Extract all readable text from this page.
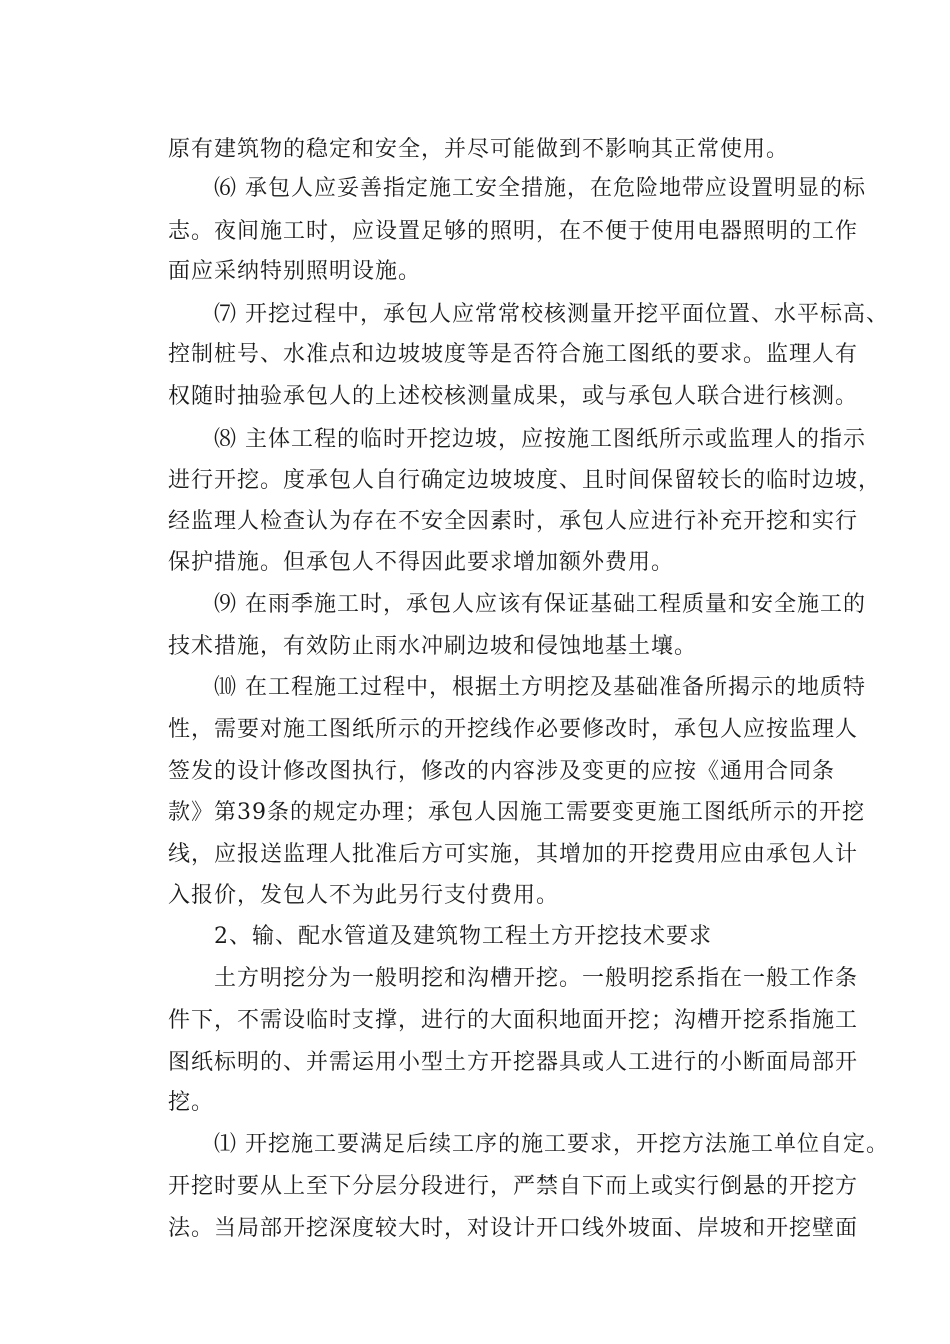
原有建筑物的稳定和安全，并尽可能做到不影响其正常使用。
⑹ 承包人应妥善指定施工安全措施，在危险地带应设置明显的标
志。夜间施工时，应设置足够的照明，在不便于使用电器照明的工作
面应采纳特别照明设施。
⑺ 开挖过程中，承包人应常常校核测量开挖平面位置、水平标高、
控制桩号、水准点和边坡坡度等是否符合施工图纸的要求。监理人有
权随时抽验承包人的上述校核测量成果，或与承包人联合进行核测。
⑻ 主体工程的临时开挖边坡，应按施工图纸所示或监理人的指示
进行开挖。度承包人自行确定边坡坡度、且时间保留较长的临时边坡，
经监理人检查认为存在不安全因素时，承包人应进行补充开挖和实行
保护措施。但承包人不得因此要求增加额外费用。
⑼ 在雨季施工时，承包人应该有保证基础工程质量和安全施工的
技术措施，有效防止雨水冲刷边坡和侵蚀地基土壤。
⑽ 在工程施工过程中，根据土方明挖及基础准备所揭示的地质特
性，需要对施工图纸所示的开挖线作必要修改时，承包人应按监理人
签发的设计修改图执行，修改的内容涉及变更的应按《通用合同条
款》第39条的规定办理；承包人因施工需要变更施工图纸所示的开挖
线，应报送监理人批准后方可实施，其增加的开挖费用应由承包人计
入报价，发包人不为此另行支付费用。
2、输、配水管道及建筑物工程土方开挖技术要求
土方明挖分为一般明挖和沟槽开挖。一般明挖系指在一般工作条
件下，不需设临时支撑，进行的大面积地面开挖；沟槽开挖系指施工
图纸标明的、并需运用小型土方开挖器具或人工进行的小断面局部开
挖。
⑴ 开挖施工要满足后续工序的施工要求，开挖方法施工单位自定。
开挖时要从上至下分层分段进行，严禁自下而上或实行倒悬的开挖方
法。当局部开挖深度较大时，对设计开口线外坡面、岸坡和开挖壁面
